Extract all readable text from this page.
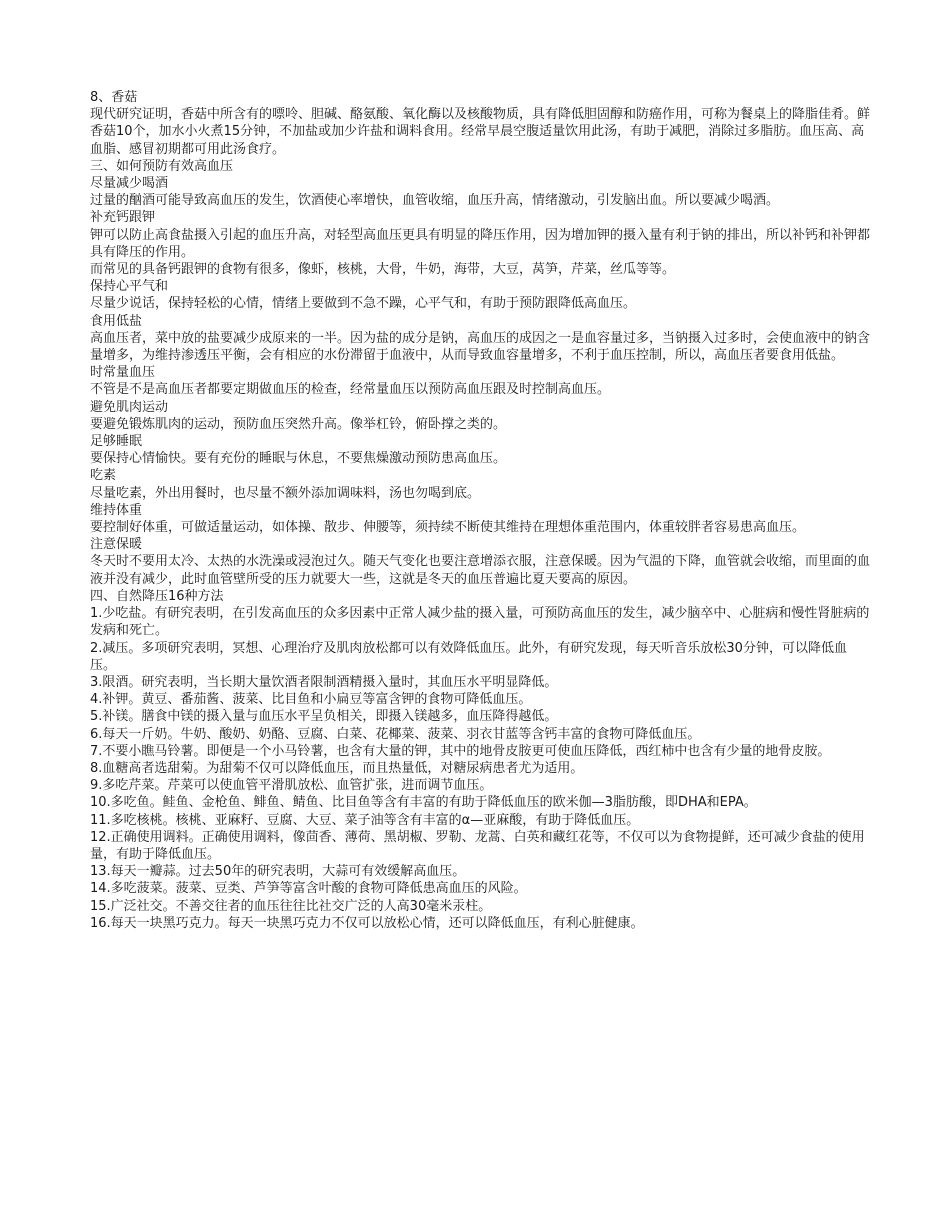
8、香菇

现代研究证明，香菇中所含有的嘌呤、胆碱、酪氨酸、氧化酶以及核酸物质，具有降低胆固醇和防癌作用，可称为餐桌上的降脂佳肴。鲜香菇10个，加水小火煮15分钟，不加盐或加少许盐和调料食用。经常早晨空腹适量饮用此汤，有助于减肥，消除过多脂肪。血压高、高血脂、感冒初期都可用此汤食疗。

三、如何预防有效高血压

尽量减少喝酒

过量的酗酒可能导致高血压的发生，饮酒使心率增快，血管收缩，血压升高，情绪激动，引发脑出血。所以要减少喝酒。

补充钙跟钾

钾可以防止高食盐摄入引起的血压升高，对轻型高血压更具有明显的降压作用，因为增加钾的摄入量有利于钠的排出，所以补钙和补钾都具有降压的作用。

而常见的具备钙跟钾的食物有很多，像虾，核桃，大骨，牛奶，海带，大豆，莴笋，芹菜，丝瓜等等。

保持心平气和

尽量少说话，保持轻松的心情，情绪上要做到不急不躁，心平气和，有助于预防跟降低高血压。

食用低盐

高血压者，菜中放的盐要减少成原来的一半。因为盐的成分是钠，高血压的成因之一是血容量过多，当钠摄入过多时，会使血液中的钠含量增多，为维持渗透压平衡，会有相应的水份滞留于血液中，从而导致血容量增多，不利于血压控制，所以，高血压者要食用低盐。

时常量血压

不管是不是高血压者都要定期做血压的检查，经常量血压以预防高血压跟及时控制高血压。

避免肌肉运动

要避免锻炼肌肉的运动，预防血压突然升高。像举杠铃，俯卧撑之类的。

足够睡眠

要保持心情愉快。要有充份的睡眠与休息，不要焦燥激动预防患高血压。

吃素

尽量吃素，外出用餐时，也尽量不额外添加调味料，汤也勿喝到底。

维持体重

要控制好体重，可做适量运动，如体操、散步、伸腰等，须持续不断使其维持在理想体重范围内，体重较胖者容易患高血压。

注意保暖

冬天时不要用太冷、太热的水洗澡或浸泡过久。随天气变化也要注意增添衣服，注意保暖。因为气温的下降，血管就会收缩，而里面的血液并没有减少，此时血管壁所受的压力就要大一些，这就是冬天的血压普遍比夏天要高的原因。

四、自然降压16种方法

1.少吃盐。有研究表明，在引发高血压的众多因素中正常人减少盐的摄入量，可预防高血压的发生，减少脑卒中、心脏病和慢性肾脏病的发病和死亡。

2.减压。多项研究表明，冥想、心理治疗及肌肉放松都可以有效降低血压。此外，有研究发现，每天听音乐放松30分钟，可以降低血压。

3.限酒。研究表明，当长期大量饮酒者限制酒精摄入量时，其血压水平明显降低。

4.补钾。黄豆、番茄酱、菠菜、比目鱼和小扁豆等富含钾的食物可降低血压。

5.补镁。膳食中镁的摄入量与血压水平呈负相关，即摄入镁越多，血压降得越低。

6.每天一斤奶。牛奶、酸奶、奶酪、豆腐、白菜、花椰菜、菠菜、羽衣甘蓝等含钙丰富的食物可降低血压。

7.不要小瞧马铃薯。即便是一个小马铃薯，也含有大量的钾，其中的地骨皮胺更可使血压降低，西红柿中也含有少量的地骨皮胺。

8.血糖高者选甜菊。为甜菊不仅可以降低血压，而且热量低，对糖尿病患者尤为适用。

9.多吃芹菜。芹菜可以使血管平滑肌放松、血管扩张，进而调节血压。

10.多吃鱼。鲑鱼、金枪鱼、鲱鱼、鲭鱼、比目鱼等含有丰富的有助于降低血压的欧米伽—3脂肪酸，即DHA和EPA。

11.多吃核桃。核桃、亚麻籽、豆腐、大豆、菜子油等含有丰富的α—亚麻酸，有助于降低血压。

12.正确使用调料。正确使用调料，像茴香、薄荷、黑胡椒、罗勒、龙蒿、白英和藏红花等，不仅可以为食物提鲜，还可减少食盐的使用量，有助于降低血压。

13.每天一瓣蒜。过去50年的研究表明，大蒜可有效缓解高血压。

14.多吃菠菜。菠菜、豆类、芦笋等富含叶酸的食物可降低患高血压的风险。

15.广泛社交。不善交往者的血压往往比社交广泛的人高30毫米汞柱。

16.每天一块黑巧克力。每天一块黑巧克力不仅可以放松心情，还可以降低血压，有利心脏健康。
